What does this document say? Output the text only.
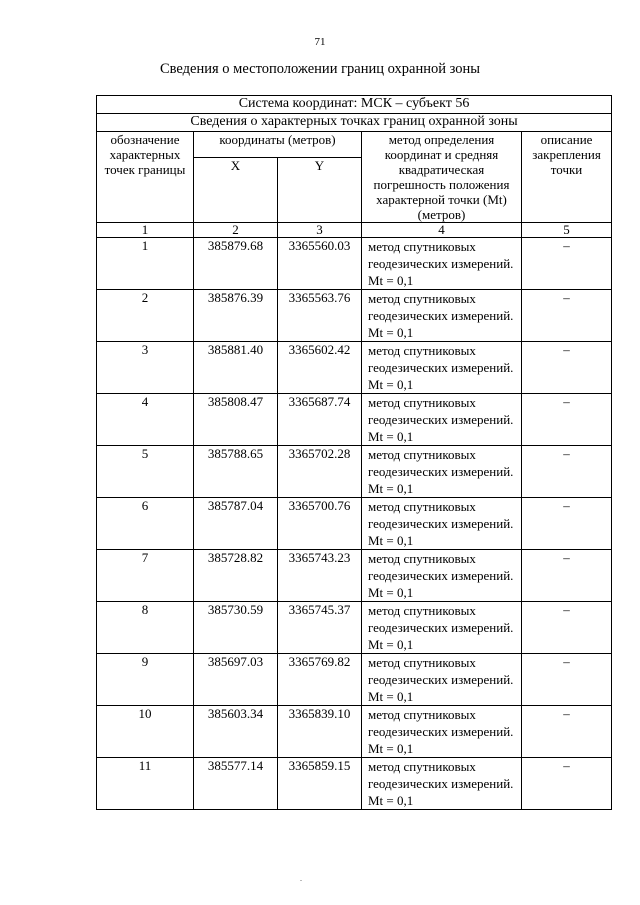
71
Сведения о местоположении границ охранной зоны
Система координат: МСК – субъект 56				
Сведения о характерных точках границ охранной зоны				
обозначение характерных точек границы	координаты (метров)		метод определения координат и средняя квадратическая погрешность положения характерной точки (Mt) (метров)	описание закрепления точки
	X	Y		
1	2	3	4	5
1	385879.68	3365560.03	метод спутниковых геодезических измерений. Mt = 0,1	–
2	385876.39	3365563.76	метод спутниковых геодезических измерений. Mt = 0,1	–
3	385881.40	3365602.42	метод спутниковых геодезических измерений. Mt = 0,1	–
4	385808.47	3365687.74	метод спутниковых геодезических измерений. Mt = 0,1	–
5	385788.65	3365702.28	метод спутниковых геодезических измерений. Mt = 0,1	–
6	385787.04	3365700.76	метод спутниковых геодезических измерений. Mt = 0,1	–
7	385728.82	3365743.23	метод спутниковых геодезических измерений. Mt = 0,1	–
8	385730.59	3365745.37	метод спутниковых геодезических измерений. Mt = 0,1	–
9	385697.03	3365769.82	метод спутниковых геодезических измерений. Mt = 0,1	–
10	385603.34	3365839.10	метод спутниковых геодезических измерений. Mt = 0,1	–
11	385577.14	3365859.15	метод спутниковых геодезических измерений. Mt = 0,1	–
